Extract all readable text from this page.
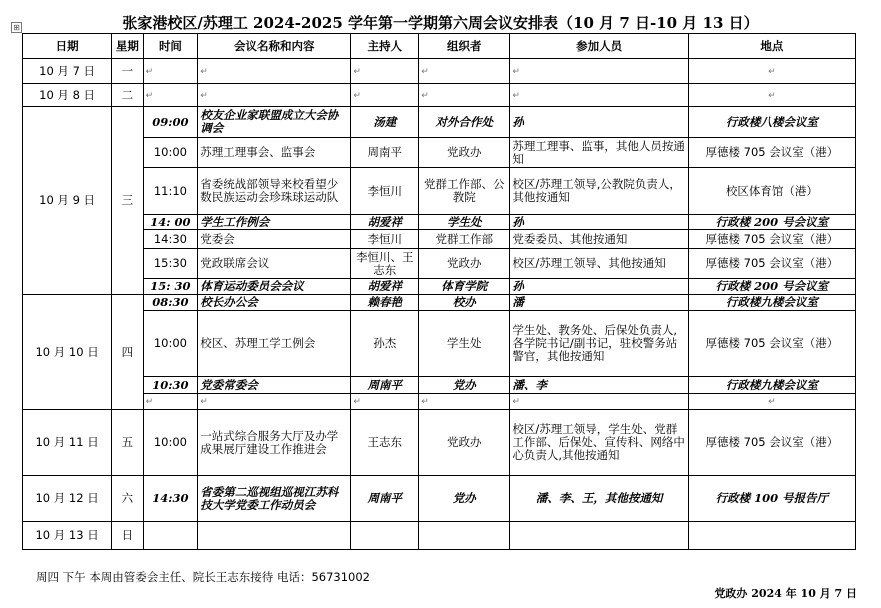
张家港校区/苏理工 2024-2025 学年第一学期第六周会议安排表（10 月 7 日-10 月 13 日）
⊞
日期	星期	时间	会议名称和内容	主持人	组织者	参加人员	地点
10 月 7 日	一	↵	↵	↵	↵	↵	↵
10 月 8 日	二	↵	↵	↵	↵	↵	↵
10 月 9 日	三	09:00	校友企业家联盟成立大会协调会	汤建	对外合作处	孙	行政楼八楼会议室
		10:00	苏理工理事会、监事会	周南平	党政办	苏理工理事、监事，其他人员按通知	厚德楼 705 会议室（港）
		11:10	省委统战部领导来校看望少数民族运动会珍珠球运动队	李恒川	党群工作部、公教院	校区/苏理工领导,公教院负责人，其他按通知	校区体育馆（港）
		14: 00	学生工作例会	胡爱祥	学生处	孙	行政楼 200 号会议室
		14:30	党委会	李恒川	党群工作部	党委委员、其他按通知	厚德楼 705 会议室（港）
		15:30	党政联席会议	李恒川、王志东	党政办	校区/苏理工领导、其他按通知	厚德楼 705 会议室（港）
		15: 30	体育运动委员会会议	胡爱祥	体育学院	孙	行政楼 200 号会议室
10 月 10 日	四	08:30	校长办公会	赖春艳	校办	潘	行政楼九楼会议室
		10:00	校区、苏理工学工例会	孙杰	学生处	学生处、教务处、后保处负责人,各学院书记/副书记，驻校警务站警官，其他按通知	厚德楼 705 会议室（港）
		10:30	党委常委会	周南平	党办	潘、李	行政楼九楼会议室
		↵	↵	↵	↵	↵	↵
10 月 11 日	五	10:00	一站式综合服务大厅及办学成果展厅建设工作推进会	王志东	党政办	校区/苏理工领导，学生处、党群工作部、后保处、宣传科、网络中心负责人,其他按通知	厚德楼 705 会议室（港）
10 月 12 日	六	14:30	省委第二巡视组巡视江苏科技大学党委工作动员会	周南平	党办	潘、李、王，其他按通知	行政楼 100 号报告厅
10 月 13 日	日						
周四 下午 本周由管委会主任、院长王志东接待 电话：56731002
党政办 2024 年 10 月 7 日
